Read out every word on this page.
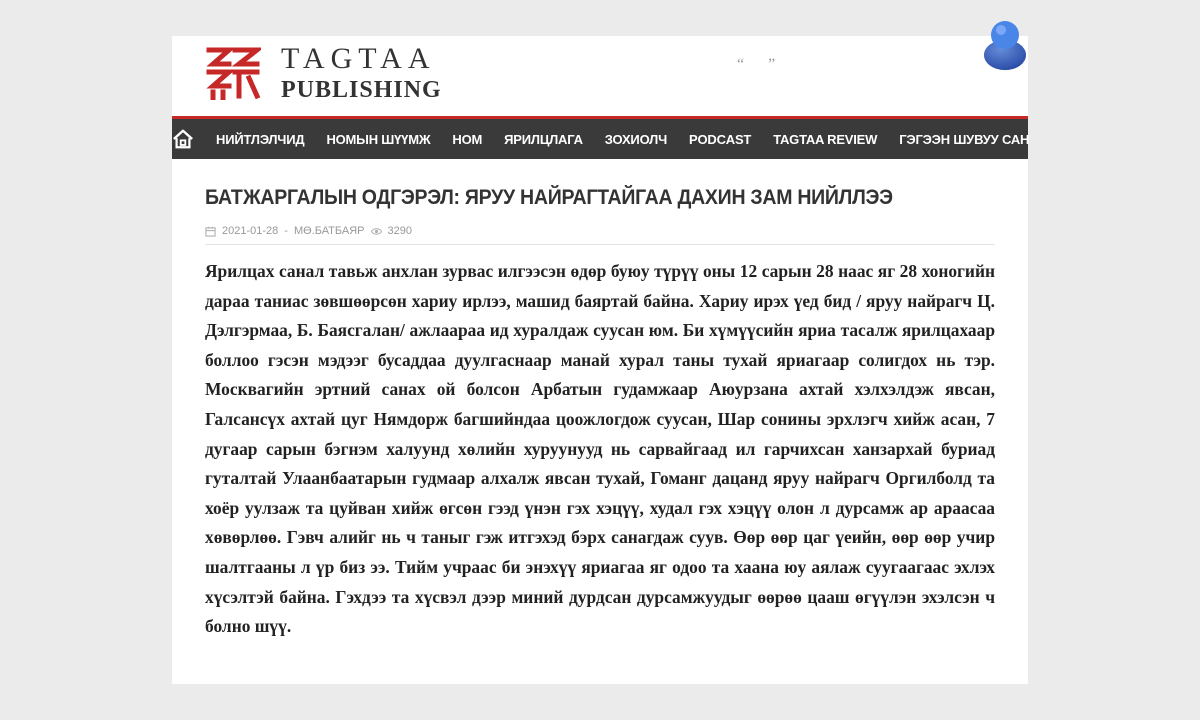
TAGTAA
PUBLISHING
“ ”
НИЙТЛЭЛЧИД НОМЫН ШҮҮМЖ НОМ ЯРИЛЦЛАГА ЗОХИОЛЧ PODCAST TAGTAA REVIEW ГЭГЭЭН ШУВУУ САН
БАТЖАРГАЛЫН ОДГЭРЭЛ: ЯРУУ НАЙРАГТАЙГАА ДАХИН ЗАМ НИЙЛЛЭЭ
2021-01-28 - МӨ.БАТБАЯР 3290

Ярилцах санал тавьж анхлан зурвас илгээсэн өдөр буюу түрүү оны 12 сарын 28 наас яг 28 хоногийн дараа таниас зөвшөөрсөн хариу ирлээ, машид баяртай байна. Хариу ирэх үед бид / яруу найрагч Ц. Дэлгэрмаа, Б. Баясгалан/ ажлаараа ид хуралдаж суусан юм. Би хүмүүсийн яриа тасалж ярилцахаар боллоо гэсэн мэдээг бусаддаа дуулгаснаар манай хурал таны тухай яриагаар солигдох нь тэр. Москвагийн эртний санах ой болсон Арбатын гудамжаар Аюурзана ахтай хэлхэлдэж явсан, Галсансүх ахтай цуг Нямдорж багшийндаа цоожлогдож суусан, Шар сонины эрхлэгч хийж асан, 7 дугаар сарын бэгнэм халуунд хөлийн хуруунууд нь сарвайгаад ил гарчихсан ханзархай буриад гуталтай Улаанбаатарын гудмаар алхалж явсан тухай, Гоманг дацанд яруу найрагч Оргилболд та хоёр уулзаж та цуйван хийж өгсөн гээд үнэн гэх хэцүү, худал гэх хэцүү олон л дурсамж ар араасаа хөвөрлөө. Гэвч алийг нь ч таныг гэж итгэхэд бэрх санагдаж суув. Өөр өөр цаг үеийн, өөр өөр учир шалтгааны л үр биз ээ. Тийм учраас би энэхүү яриагаа яг одоо та хаана юу аялаж суугаагаас эхлэх хүсэлтэй байна. Гэхдээ та хүсвэл дээр миний дурдсан дурсамжуудыг өөрөө цааш өгүүлэн эхэлсэн ч болно шүү.
